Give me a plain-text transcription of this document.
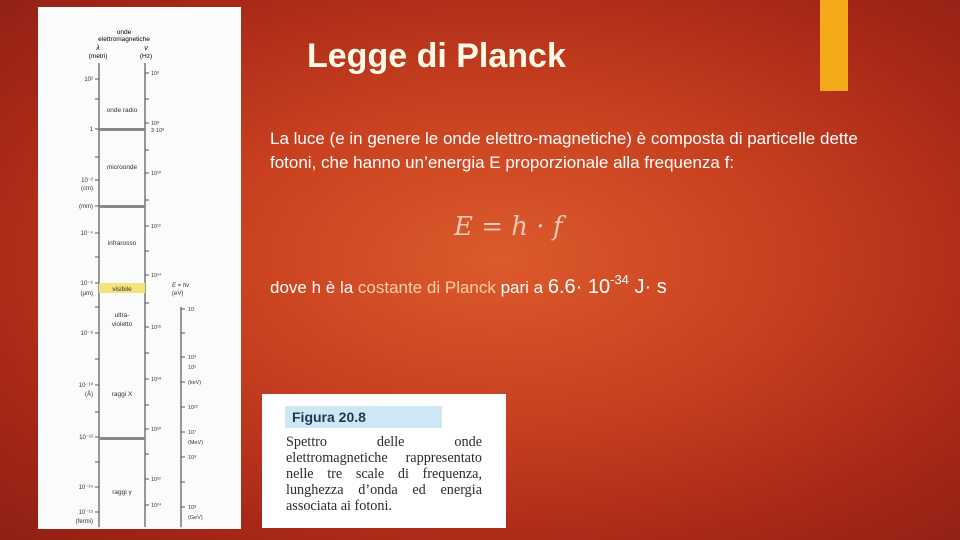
onde
elettromagnetiche
λ
(metri)
ν
(Hz)
10²
1
10⁻²
(cm)
(mm)
10⁻⁴
10⁻⁶
(μm)
10⁻⁸
10⁻¹⁰
(Å)
10⁻¹²
10⁻¹⁴
10⁻¹⁵
(fermi)
10⁶
10⁸
3·10⁸
10¹⁰
10¹²
10¹⁴
10¹⁶
10¹⁸
10²⁰
10²²
10²⁴
E = hν
(eV)
10
10³
10⁵
(keV)
10²²
10⁷
(MeV)
10⁹
10⁸
(GeV)
onde radio
microonde
infrarosso
visibile
ultra-
violetto
raggi X
raggi γ
Legge di Planck
La luce (e in genere le onde elettro-magnetiche) è composta di particelle dette fotoni, che hanno un’energia E proporzionale alla frequenza f:
E = h · f
dove h è la costante di Planck pari a $6.6\cdot 10^{-34}$ J· s
Figura 20.8
Spettro delle onde elettromagnetiche rappresentato nelle tre scale di frequenza, lunghezza d’onda ed energia associata ai fotoni.
